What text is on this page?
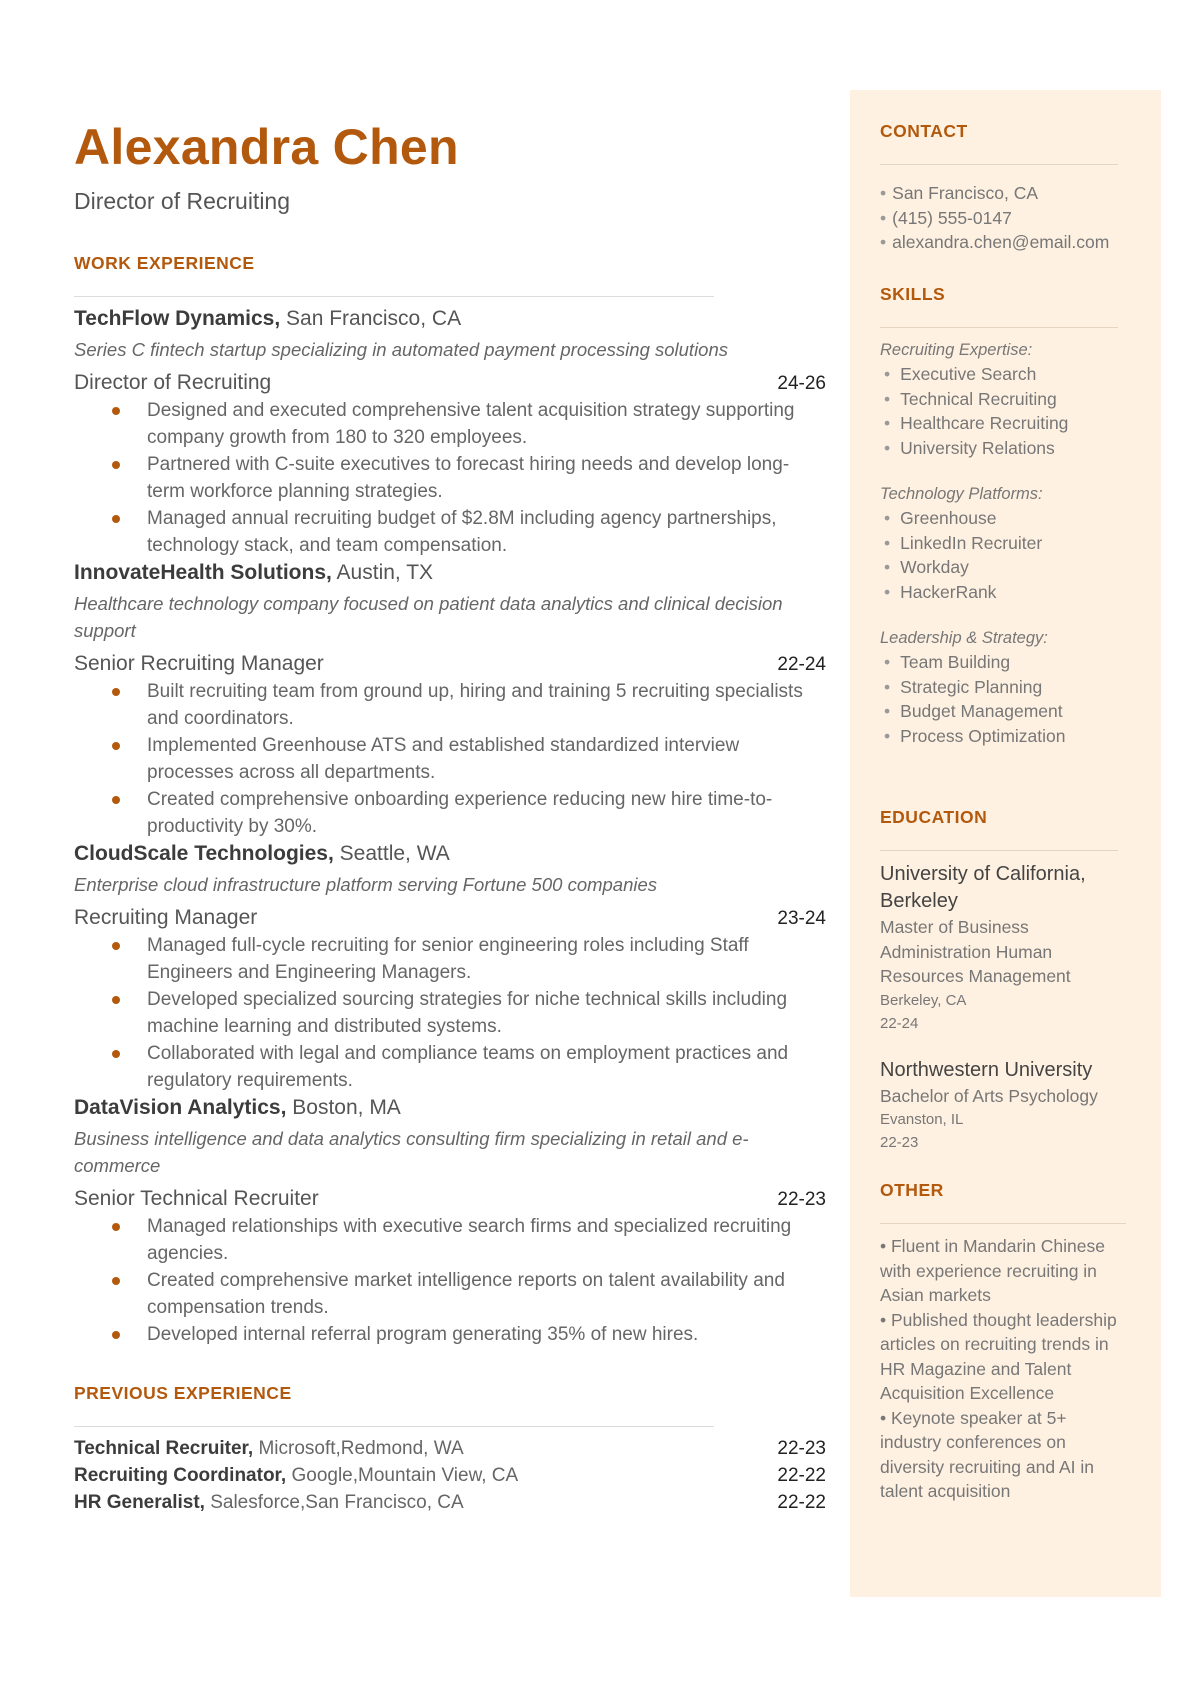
Alexandra Chen
Director of Recruiting
WORK EXPERIENCE
TechFlow Dynamics, San Francisco, CA
Series C fintech startup specializing in automated payment processing solutions
Director of Recruiting	24-26
Designed and executed comprehensive talent acquisition strategy supporting company growth from 180 to 320 employees.
Partnered with C-suite executives to forecast hiring needs and develop long-term workforce planning strategies.
Managed annual recruiting budget of $2.8M including agency partnerships, technology stack, and team compensation.
InnovateHealth Solutions, Austin, TX
Healthcare technology company focused on patient data analytics and clinical decision support
Senior Recruiting Manager	22-24
Built recruiting team from ground up, hiring and training 5 recruiting specialists and coordinators.
Implemented Greenhouse ATS and established standardized interview processes across all departments.
Created comprehensive onboarding experience reducing new hire time-to-productivity by 30%.
CloudScale Technologies, Seattle, WA
Enterprise cloud infrastructure platform serving Fortune 500 companies
Recruiting Manager	23-24
Managed full-cycle recruiting for senior engineering roles including Staff Engineers and Engineering Managers.
Developed specialized sourcing strategies for niche technical skills including machine learning and distributed systems.
Collaborated with legal and compliance teams on employment practices and regulatory requirements.
DataVision Analytics, Boston, MA
Business intelligence and data analytics consulting firm specializing in retail and e-commerce
Senior Technical Recruiter	22-23
Managed relationships with executive search firms and specialized recruiting agencies.
Created comprehensive market intelligence reports on talent availability and compensation trends.
Developed internal referral program generating 35% of new hires.
PREVIOUS EXPERIENCE
Technical Recruiter, Microsoft,Redmond, WA	22-23
Recruiting Coordinator, Google,Mountain View, CA	22-22
HR Generalist, Salesforce,San Francisco, CA	22-22
CONTACT
• San Francisco, CA
• (415) 555-0147
• alexandra.chen@email.com
SKILLS
Recruiting Expertise:
• Executive Search
• Technical Recruiting
• Healthcare Recruiting
• University Relations
Technology Platforms:
• Greenhouse
• LinkedIn Recruiter
• Workday
• HackerRank
Leadership & Strategy:
• Team Building
• Strategic Planning
• Budget Management
• Process Optimization
EDUCATION
University of California, Berkeley
Master of Business Administration Human Resources Management
Berkeley, CA
22-24
Northwestern University
Bachelor of Arts Psychology
Evanston, IL
22-23
OTHER
• Fluent in Mandarin Chinese with experience recruiting in Asian markets
• Published thought leadership articles on recruiting trends in HR Magazine and Talent Acquisition Excellence
• Keynote speaker at 5+ industry conferences on diversity recruiting and AI in talent acquisition
